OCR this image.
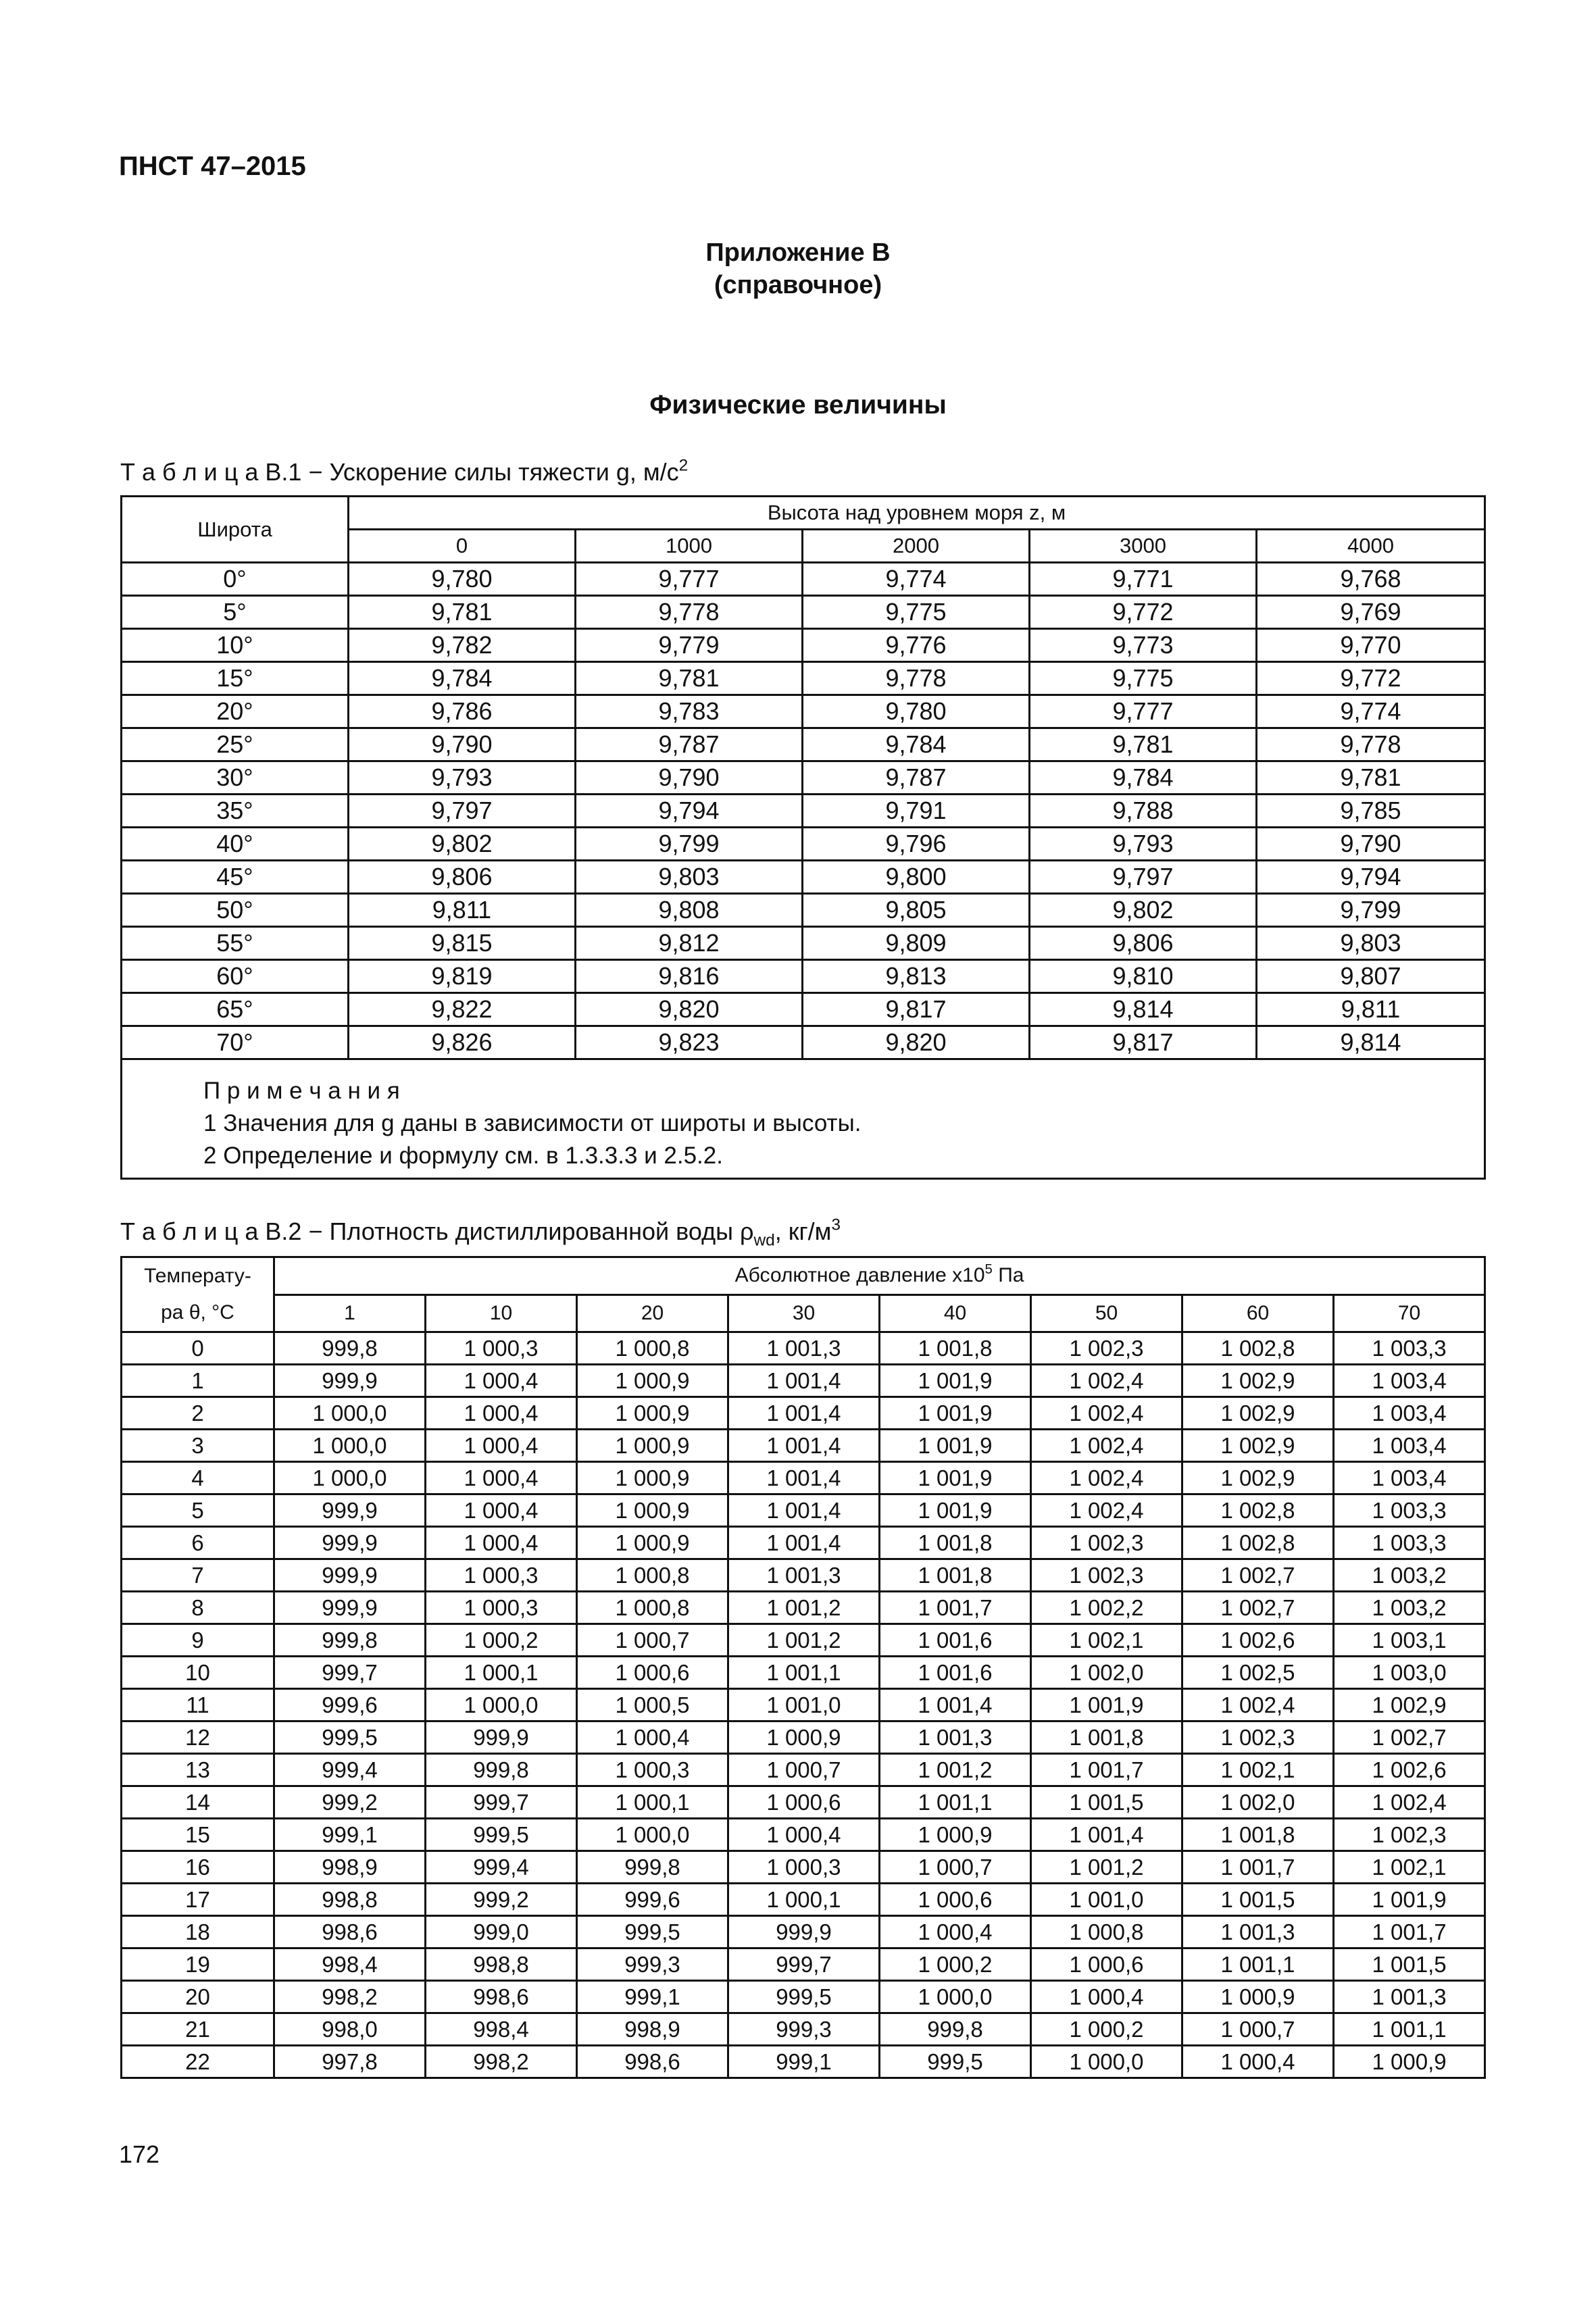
ПНСТ 47–2015
Приложение В
(справочное)
Физические величины
Т а б л и ц а В.1 − Ускорение силы тяжести g, $м/с^2$
Широта	Высота над уровнем моря z, м				
	0	1000	2000	3000	4000
0°	9,780	9,777	9,774	9,771	9,768
5°	9,781	9,778	9,775	9,772	9,769
10°	9,782	9,779	9,776	9,773	9,770
15°	9,784	9,781	9,778	9,775	9,772
20°	9,786	9,783	9,780	9,777	9,774
25°	9,790	9,787	9,784	9,781	9,778
30°	9,793	9,790	9,787	9,784	9,781
35°	9,797	9,794	9,791	9,788	9,785
40°	9,802	9,799	9,796	9,793	9,790
45°	9,806	9,803	9,800	9,797	9,794
50°	9,811	9,808	9,805	9,802	9,799
55°	9,815	9,812	9,809	9,806	9,803
60°	9,819	9,816	9,813	9,810	9,807
65°	9,822	9,820	9,817	9,814	9,811
70°	9,826	9,823	9,820	9,817	9,814

П р и м е ч а н и я
1 Значения для g даны в зависимости от широты и высоты.
2 Определение и формулу см. в 1.3.3.3 и 2.5.2.					
Т а б л и ц а В.2 − Плотность дистиллированной воды $\rho_{wd}$, $кг/м^3$
Температу-
ра θ, °С	Абсолютное давление $х10^5$ Па							
	1	10	20	30	40	50	60	70
0	999,8	1 000,3	1 000,8	1 001,3	1 001,8	1 002,3	1 002,8	1 003,3
1	999,9	1 000,4	1 000,9	1 001,4	1 001,9	1 002,4	1 002,9	1 003,4
2	1 000,0	1 000,4	1 000,9	1 001,4	1 001,9	1 002,4	1 002,9	1 003,4
3	1 000,0	1 000,4	1 000,9	1 001,4	1 001,9	1 002,4	1 002,9	1 003,4
4	1 000,0	1 000,4	1 000,9	1 001,4	1 001,9	1 002,4	1 002,9	1 003,4
5	999,9	1 000,4	1 000,9	1 001,4	1 001,9	1 002,4	1 002,8	1 003,3
6	999,9	1 000,4	1 000,9	1 001,4	1 001,8	1 002,3	1 002,8	1 003,3
7	999,9	1 000,3	1 000,8	1 001,3	1 001,8	1 002,3	1 002,7	1 003,2
8	999,9	1 000,3	1 000,8	1 001,2	1 001,7	1 002,2	1 002,7	1 003,2
9	999,8	1 000,2	1 000,7	1 001,2	1 001,6	1 002,1	1 002,6	1 003,1
10	999,7	1 000,1	1 000,6	1 001,1	1 001,6	1 002,0	1 002,5	1 003,0
11	999,6	1 000,0	1 000,5	1 001,0	1 001,4	1 001,9	1 002,4	1 002,9
12	999,5	999,9	1 000,4	1 000,9	1 001,3	1 001,8	1 002,3	1 002,7
13	999,4	999,8	1 000,3	1 000,7	1 001,2	1 001,7	1 002,1	1 002,6
14	999,2	999,7	1 000,1	1 000,6	1 001,1	1 001,5	1 002,0	1 002,4
15	999,1	999,5	1 000,0	1 000,4	1 000,9	1 001,4	1 001,8	1 002,3
16	998,9	999,4	999,8	1 000,3	1 000,7	1 001,2	1 001,7	1 002,1
17	998,8	999,2	999,6	1 000,1	1 000,6	1 001,0	1 001,5	1 001,9
18	998,6	999,0	999,5	999,9	1 000,4	1 000,8	1 001,3	1 001,7
19	998,4	998,8	999,3	999,7	1 000,2	1 000,6	1 001,1	1 001,5
20	998,2	998,6	999,1	999,5	1 000,0	1 000,4	1 000,9	1 001,3
21	998,0	998,4	998,9	999,3	999,8	1 000,2	1 000,7	1 001,1
22	997,8	998,2	998,6	999,1	999,5	1 000,0	1 000,4	1 000,9
172
